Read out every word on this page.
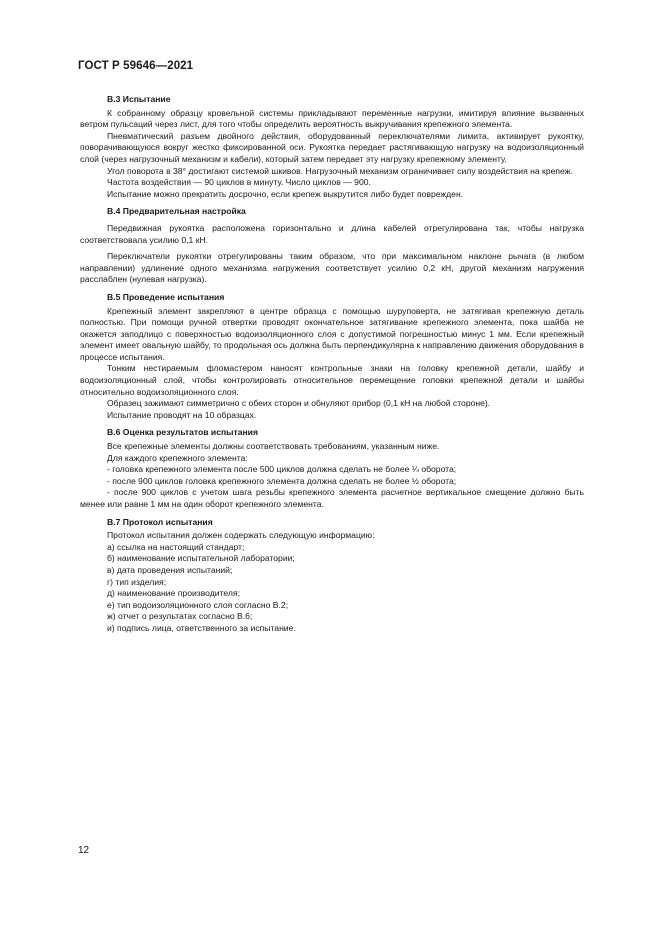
ГОСТ Р 59646—2021
В.3 Испытание
К собранному образцу кровельной системы прикладывают переменные нагрузки, имитируя влияние вызванных ветром пульсаций через лист, для того чтобы определить вероятность выкручивания крепежного элемента.
Пневматический разъем двойного действия, оборудованный переключателями лимита, активирует рукоятку, поворачивающуюся вокруг жестко фиксированной оси. Рукоятка передает растягивающую нагрузку на водоизоляционный слой (через нагрузочный механизм и кабели), который затем передает эту нагрузку крепежному элементу.
Угол поворота в 38° достигают системой шкивов. Нагрузочный механизм ограничивает силу воздействия на крепеж.
Частота воздействия — 90 циклов в минуту. Число циклов — 900.
Испытание можно прекратить досрочно, если крепеж выкрутится либо будет поврежден.
В.4 Предварительная настройка
Передвижная рукоятка расположена горизонтально и длина кабелей отрегулирована так, чтобы нагрузка соответствовала усилию 0,1 кН.
Переключатели рукоятки отрегулированы таким образом, что при максимальном наклоне рычага (в любом направлении) удлинение одного механизма нагружения соответствует усилию 0,2 кН, другой механизм нагружения расслаблен (нулевая нагрузка).
В.5 Проведение испытания
Крепежный элемент закрепляют в центре образца с помощью шуруповерта, не затягивая крепежную деталь полностью. При помощи ручной отвертки проводят окончательное затягивание крепежного элемента, пока шайба не окажется заподлицо с поверхностью водоизоляционного слоя с допустимой погрешностью минус 1 мм. Если крепежный элемент имеет овальную шайбу, то продольная ось должна быть перпендикулярна к направлению движения оборудования в процессе испытания.
Тонким нестираемым фломастером наносят контрольные знаки на головку крепежной детали, шайбу и водоизоляционный слой, чтобы контролировать относительное перемещение головки крепежной детали и шайбы относительно водоизоляционного слоя.
Образец зажимают симметрично с обеих сторон и обнуляют прибор (0,1 кН на любой стороне).
Испытание проводят на 10 образцах.
В.6 Оценка результатов испытания
Все крепежные элементы должны соответствовать требованиям, указанным ниже.
Для каждого крепежного элемента:
- головка крепежного элемента после 500 циклов должна сделать не более ¼ оборота;
- после 900 циклов головка крепежного элемента должна сделать не более ½ оборота;
- после 900 циклов с учетом шага резьбы крепежного элемента расчетное вертикальное смещение должно быть менее или равне 1 мм на один оборот крепежного элемента.
В.7 Протокол испытания
Протокол испытания должен содержать следующую информацию:
а) ссылка на настоящий стандарт;
б) наименование испытательной лаборатории;
в) дата проведения испытаний;
г) тип изделия;
д) наименование производителя;
е) тип водоизоляционного слоя согласно В.2;
ж) отчет о результатах согласно В.6;
и) подпись лица, ответственного за испытание.
12
